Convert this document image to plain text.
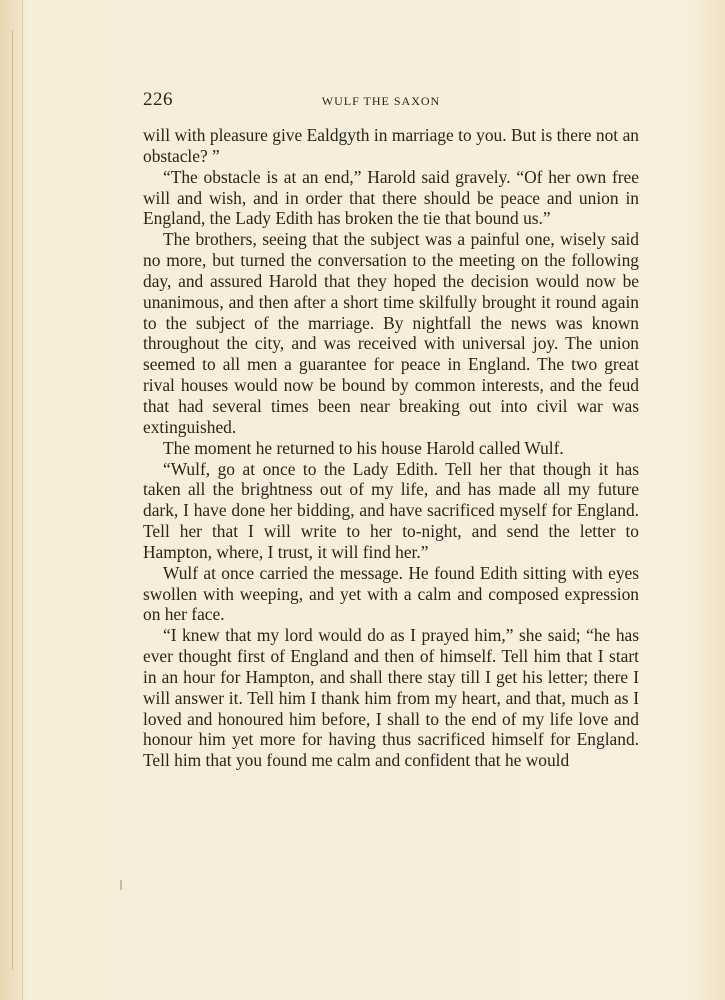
226	WULF THE SAXON

will with pleasure give Ealdgyth in marriage to you. But is there not an obstacle? ”

“The obstacle is at an end,” Harold said gravely. “Of her own free will and wish, and in order that there should be peace and union in England, the Lady Edith has broken the tie that bound us.”

The brothers, seeing that the subject was a painful one, wisely said no more, but turned the conversation to the meeting on the following day, and assured Harold that they hoped the decision would now be unanimous, and then after a short time skilfully brought it round again to the subject of the marriage. By nightfall the news was known throughout the city, and was received with universal joy. The union seemed to all men a guarantee for peace in England. The two great rival houses would now be bound by common interests, and the feud that had several times been near breaking out into civil war was extinguished.

The moment he returned to his house Harold called Wulf.

“Wulf, go at once to the Lady Edith. Tell her that though it has taken all the brightness out of my life, and has made all my future dark, I have done her bidding, and have sacrificed myself for England. Tell her that I will write to her to-night, and send the letter to Hampton, where, I trust, it will find her.”

Wulf at once carried the message. He found Edith sitting with eyes swollen with weeping, and yet with a calm and composed expression on her face.

“I knew that my lord would do as I prayed him,” she said; “he has ever thought first of England and then of himself. Tell him that I start in an hour for Hampton, and shall there stay till I get his letter; there I will answer it. Tell him I thank him from my heart, and that, much as I loved and honoured him before, I shall to the end of my life love and honour him yet more for having thus sacrificed himself for England. Tell him that you found me calm and confident that he would
